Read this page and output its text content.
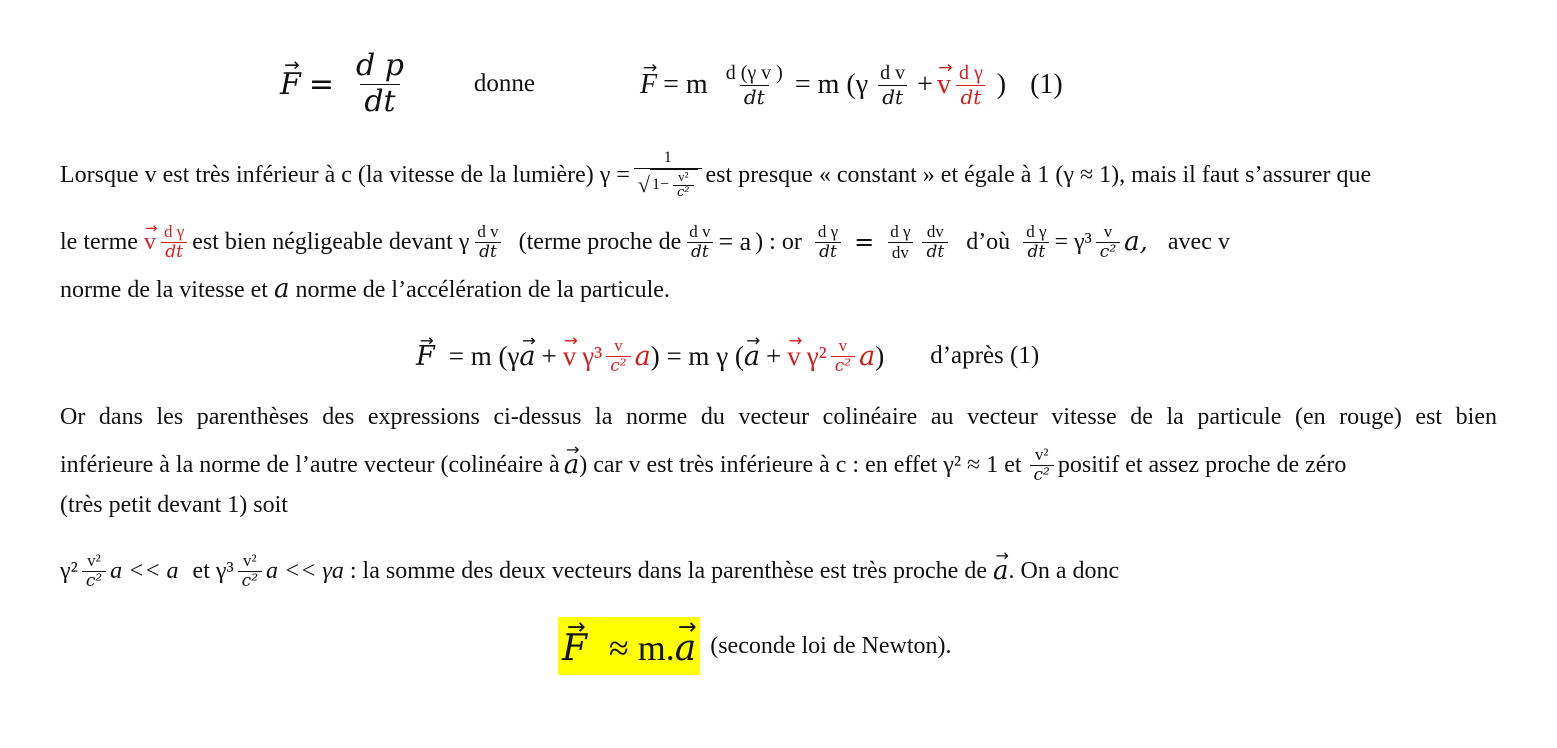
→ $F = \frac{\text{d p}}{dt}$	donne	→ F = m $\frac{\text{d (γ v )}}{dt} = m$ ($\gamma \frac{\text{d v}}{dt}$ + → v $\frac{\text{d γ}}{dt}$ ) (1)
Lorsque v est très inférieur à c (la vitesse de la lumière) $\gamma = \frac{1}{√ 1- \frac{\text{v²}}{\text{c²}}}$ est presque « constant » et égale à 1 (γ ≈ 1), mais il faut s’assurer que
le terme → v $\frac{\text{d γ}}{dt}$ est bien négligeable devant γ $\frac{\text{d v}}{dt}$ (terme proche de $\frac{\text{d v}}{dt} = a$ ) : or $\frac{\text{d γ}}{dt} = \frac{\text{d γ}}{dv} \frac{dv}{dt}$ d’où $\frac{\text{d γ}}{dt} = \gamma^3 \frac{v}{\text{c²}} a$, avec v
norme de la vitesse et a norme de l’accélération de la particule.
→ F = m (γ → a + → v $\gamma^3 \frac{v}{\text{c²}}$ a ) = m γ ( → a + → v $\gamma^2 \frac{v}{\text{c²}}$ a ) d’après (1)
Or dans les parenthèses des expressions ci-dessus la norme du vecteur colinéaire au vecteur vitesse de la particule (en rouge) est bien
inférieure à la norme de l’autre vecteur (colinéaire à → a ) car v est très inférieure à c : en effet γ² ≈ 1 et $\frac{\text{v²}}{\text{c²}}$ positif et assez proche de zéro
(très petit devant 1) soit
$\gamma^2 \frac{\text{v²}}{\text{c²}}$ a << a et $\gamma^3 \frac{\text{v²}}{\text{c²}}$ a << γa : la somme des deux vecteurs dans la parenthèse est très proche de → a . On a donc
→ F ≈ m. → a (seconde loi de Newton).
